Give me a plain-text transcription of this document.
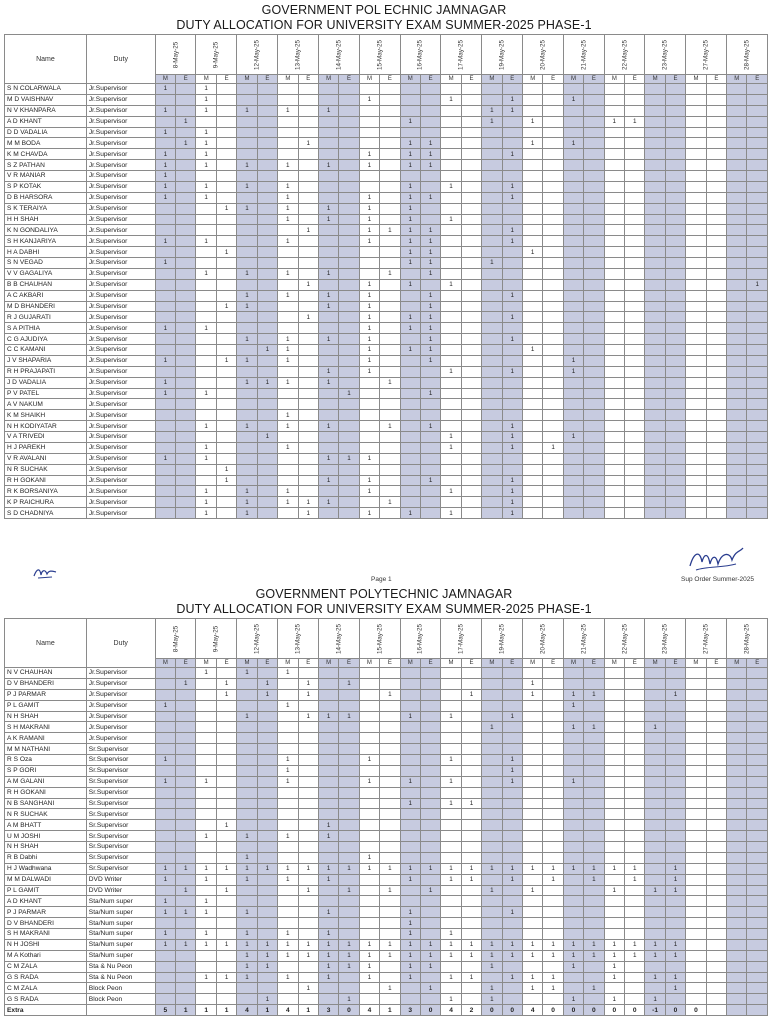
GOVERNMENT POL ECHNIC JAMNAGAR
DUTY ALLOCATION FOR UNIVERSITY EXAM SUMMER-2025 PHASE-1
Name	Duty	8-May-25		9-May-25		12-May-25		13-May-25		14-May-25		15-May-25		16-May-25		17-May-25		19-May-25		20-May-25		21-May-25		22-May-25		23-May-25		27-May-25		28-May-25	

		M	E	M	E	M	E	M	E	M	E	M	E	M	E	M	E	M	E	M	E	M	E	M	E	M	E	M	E	M	E
S N COLARWALA	Jr.Supervisor	1		1																											
M D VAISHNAV	Jr.Supervisor			1								1				1			1			1									
N V KHANPARA	Jr.Supervisor	1		1		1		1		1								1	1												
A D KHANT	Jr.Supervisor		1											1				1		1				1	1						
D D VADALIA	Jr.Supervisor	1		1																											
M M BODA	Jr.Supervisor		1	1					1					1	1					1		1									
K M CHAVDA	Jr.Supervisor	1		1								1		1	1				1												
S Z PATHAN	Jr.Supervisor	1		1		1		1		1		1		1	1																
V R MANIAR	Jr.Supervisor	1																													
S P KOTAK	Jr.Supervisor	1		1		1		1						1		1			1												
D B HARSORA	Jr.Supervisor	1		1				1				1		1	1				1												
S K TERAIYA	Jr.Supervisor				1	1		1		1		1		1																	
H H SHAH	Jr.Supervisor							1		1		1		1		1															
K N GONDALIYA	Jr.Supervisor								1			1	1	1	1				1												
S H KANJARIYA	Jr.Supervisor	1		1				1				1		1	1				1												
H A DABHI	Jr.Supervisor				1									1	1					1											
S N VEGAD	Jr.Supervisor	1												1	1			1													
V V GAGALIYA	Jr.Supervisor			1		1		1		1			1		1																
B B CHAUHAN	Jr.Supervisor								1			1		1		1															1
A C AKBARI	Jr.Supervisor					1		1		1		1			1				1												
M D BHANDERI	Jr.Supervisor				1	1				1		1			1																
R J GUJARATI	Jr.Supervisor								1			1		1	1				1												
S A PITHIA	Jr.Supervisor	1		1								1		1	1																
C G AJUDIYA	Jr.Supervisor					1		1		1		1			1				1												
C C KAMANI	Jr.Supervisor						1	1				1		1	1					1											
J V SHAPARIA	Jr.Supervisor	1			1	1		1				1			1							1									
R H PRAJAPATI	Jr.Supervisor									1		1				1			1			1									
J D VADALIA	Jr.Supervisor	1				1	1	1		1			1																		
P V PATEL	Jr.Supervisor	1		1							1				1																
A V NAKUM	Jr.Supervisor																														
K M SHAIKH	Jr.Supervisor							1																							
N H KODIYATAR	Jr.Supervisor			1		1		1		1			1		1				1												
V A TRIVEDI	Jr.Supervisor						1									1			1			1									
H J PAREKH	Jr.Supervisor			1				1								1			1		1										
V R AVALANI	Jr.Supervisor	1		1						1	1	1																			
N R SUCHAK	Jr.Supervisor				1																										
R H GOKANI	Jr.Supervisor				1					1		1			1				1												
R K BORSANIYA	Jr.Supervisor			1		1		1				1				1			1												
K P RAICHURA	Jr.Supervisor			1		1		1	1	1			1						1												
S D CHADNIYA	Jr.Supervisor			1		1			1			1		1		1			1												
Page 1	Sup Order Summer-2025
GOVERNMENT POLYTECHNIC JAMNAGAR
DUTY ALLOCATION FOR UNIVERSITY EXAM SUMMER-2025 PHASE-1
Name	Duty	8-May-25		9-May-25		12-May-25		13-May-25		14-May-25		15-May-25		16-May-25		17-May-25		19-May-25		20-May-25		21-May-25		22-May-25		23-May-25		27-May-25		28-May-25	

		M	E	M	E	M	E	M	E	M	E	M	E	M	E	M	E	M	E	M	E	M	E	M	E	M	E	M	E	M	E
N V CHAUHAN	Jr.Supervisor			1		1		1																							
D V BHANDERI	Jr.Supervisor		1		1		1		1		1									1											
P J PARMAR	Jr.Supervisor				1		1		1				1				1			1		1	1				1				
P L GAMIT	Jr.Supervisor	1						1														1									
N H SHAH	Jr.Supervisor					1			1	1	1			1		1			1												
S H MAKRANI	Jr.Supervisor																	1				1	1			1					
A K RAMANI	Jr.Supervisor																														
M M NATHANI	Sr.Supervisor																														
R S Oza	Sr.Supervisor	1						1				1				1			1												
S P GORI	Sr.Supervisor							1											1												
A M GALANI	Sr.Supervisor	1		1				1				1		1		1			1			1									
R H GOKANI	Sr.Supervisor																														
N B SANGHANI	Sr.Supervisor													1		1	1														
N R SUCHAK	Sr.Supervisor																														
A M BHATT	Sr.Supervisor				1					1																					
U M JOSHI	Sr.Supervisor			1		1		1		1																					
N H SHAH	Sr.Supervisor																														
R B Dabhi	Sr.Supervisor					1						1																			
H J Wadhwana	Sr.Supervisor	1	1	1	1	1	1	1	1	1	1	1	1	1	1	1	1	1	1	1	1	1	1	1	1		1				
M M DALWADI	DVD Writer	1		1		1		1		1				1		1	1		1		1		1		1		1				
P L GAMIT	DVD Writer		1		1				1		1		1		1			1		1				1		1	1				
A D KHANT	Sta/Num super	1		1																											
P J PARMAR	Sta/Num super	1	1	1		1				1				1					1												
D V BHANDERI	Sta/Num super													1																	
S H MAKRANI	Sta/Num super	1		1		1		1		1				1		1															
N H JOSHI	Sta/Num super	1	1	1	1	1	1	1	1	1	1	1	1	1	1	1	1	1	1	1	1	1	1	1	1	1	1				
M A Kothari	Sta/Num super					1	1	1	1	1	1	1	1	1	1	1	1	1	1	1	1	1	1	1	1	1	1				
C M ZALA	Sta & Nu Peon					1	1			1	1	1		1	1			1				1		1							
G S RADA	Sta & Nu Peon			1	1	1		1		1		1		1		1	1		1	1	1			1		1	1				
C M ZALA	Block Peon								1				1		1			1		1	1		1				1				
G S RADA	Block Peon						1				1					1		1				1		1		1					
Extra		5	1	1	1	4	1	4	1	3	0	4	1	3	0	4	2	0	0	4	0	0	0	0	0	-1	0	0			
